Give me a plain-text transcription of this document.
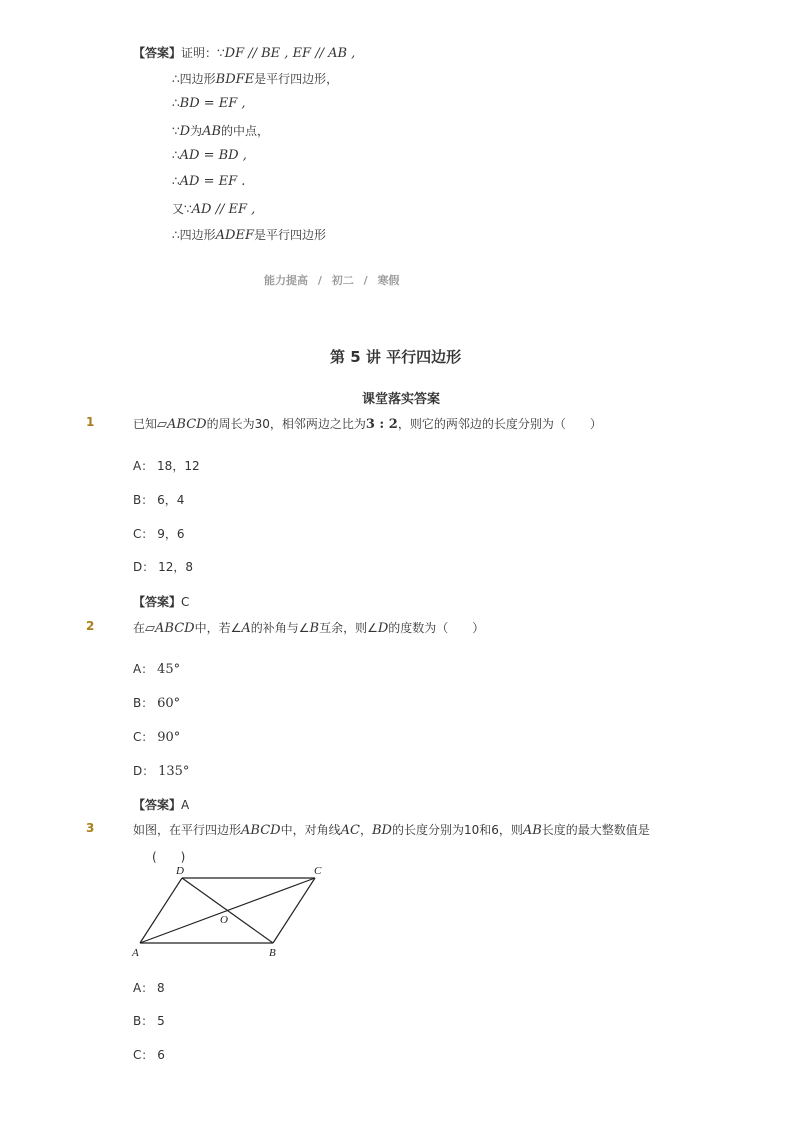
【答案】证明：∵DF // BE , EF // AB ,
∴四边形BDFE是平行四边形，
∴BD = EF ,
∵D为AB的中点，
∴AD = BD ,
∴AD = EF .
又∵AD // EF ,
∴四边形ADEF是平行四边形
能力提高 / 初二 / 寒假
第 5 讲 平行四边形
课堂落实答案
1	已知▱ABCD的周长为30，相邻两边之比为3 : 2，则它的两邻边的长度分别为（　　）
A： 18，12
B： 6，4
C： 9，6
D： 12，8
【答案】C
2	在▱ABCD中，若∠A的补角与∠B互余，则∠D的度数为（　　）
A： 45°
B： 60°
C： 90°
D： 135°
【答案】A
3	如图，在平行四边形ABCD中，对角线AC，BD的长度分别为10和6，则AB长度的最大整数值是
(　　)
A	B
C
D
O
A： 8
B： 5
C： 6
